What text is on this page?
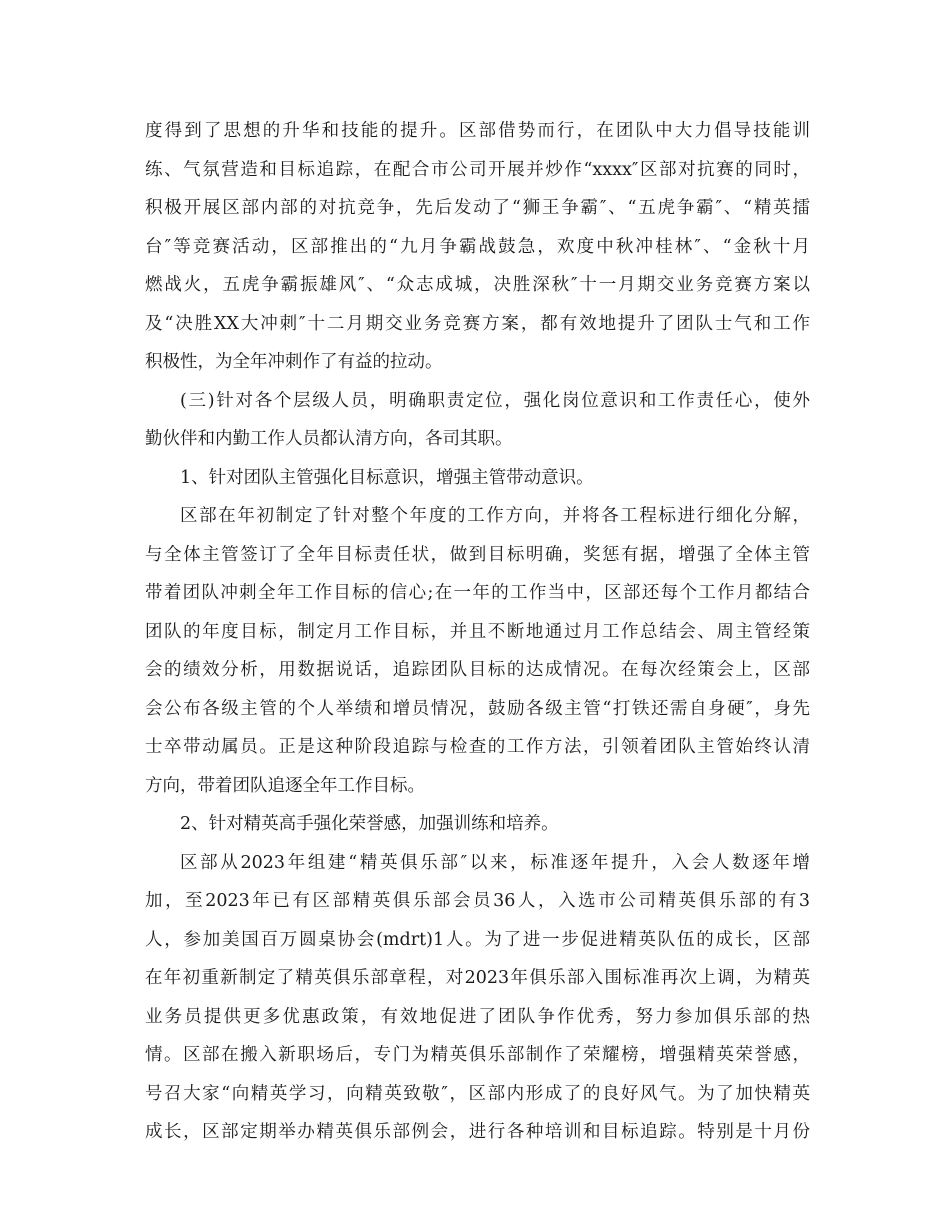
度得到了思想的升华和技能的提升。区部借势而行，在团队中大力倡导技能训
练、气氛营造和目标追踪，在配合市公司开展并炒作“xxxx″区部对抗赛的同时，
积极开展区部内部的对抗竞争，先后发动了“狮王争霸″、“五虎争霸″、“精英擂
台″等竞赛活动，区部推出的“九月争霸战鼓急，欢度中秋冲桂林″、“金秋十月
燃战火，五虎争霸振雄风″、“众志成城，决胜深秋″十一月期交业务竞赛方案以
及“决胜XX大冲刺″十二月期交业务竞赛方案，都有效地提升了团队士气和工作
积极性，为全年冲刺作了有益的拉动。
(三)针对各个层级人员，明确职责定位，强化岗位意识和工作责任心，使外
勤伙伴和内勤工作人员都认清方向，各司其职。
1、针对团队主管强化目标意识，增强主管带动意识。
区部在年初制定了针对整个年度的工作方向，并将各工程标进行细化分解，
与全体主管签订了全年目标责任状，做到目标明确，奖惩有据，增强了全体主管
带着团队冲刺全年工作目标的信心;在一年的工作当中，区部还每个工作月都结合
团队的年度目标，制定月工作目标，并且不断地通过月工作总结会、周主管经策
会的绩效分析，用数据说话，追踪团队目标的达成情况。在每次经策会上，区部
会公布各级主管的个人举绩和增员情况，鼓励各级主管“打铁还需自身硬″，身先
士卒带动属员。正是这种阶段追踪与检查的工作方法，引领着团队主管始终认清
方向，带着团队追逐全年工作目标。
2、针对精英高手强化荣誉感，加强训练和培养。
区部从2023年组建“精英俱乐部″以来，标准逐年提升，入会人数逐年增
加，至2023年已有区部精英俱乐部会员36人，入选市公司精英俱乐部的有3
人，参加美国百万圆桌协会(mdrt)1人。为了进一步促进精英队伍的成长，区部
在年初重新制定了精英俱乐部章程，对2023年俱乐部入围标准再次上调，为精英
业务员提供更多优惠政策，有效地促进了团队争作优秀，努力参加俱乐部的热
情。区部在搬入新职场后，专门为精英俱乐部制作了荣耀榜，增强精英荣誉感，
号召大家“向精英学习，向精英致敬″，区部内形成了的良好风气。为了加快精英
成长，区部定期举办精英俱乐部例会，进行各种培训和目标追踪。特别是十月份
